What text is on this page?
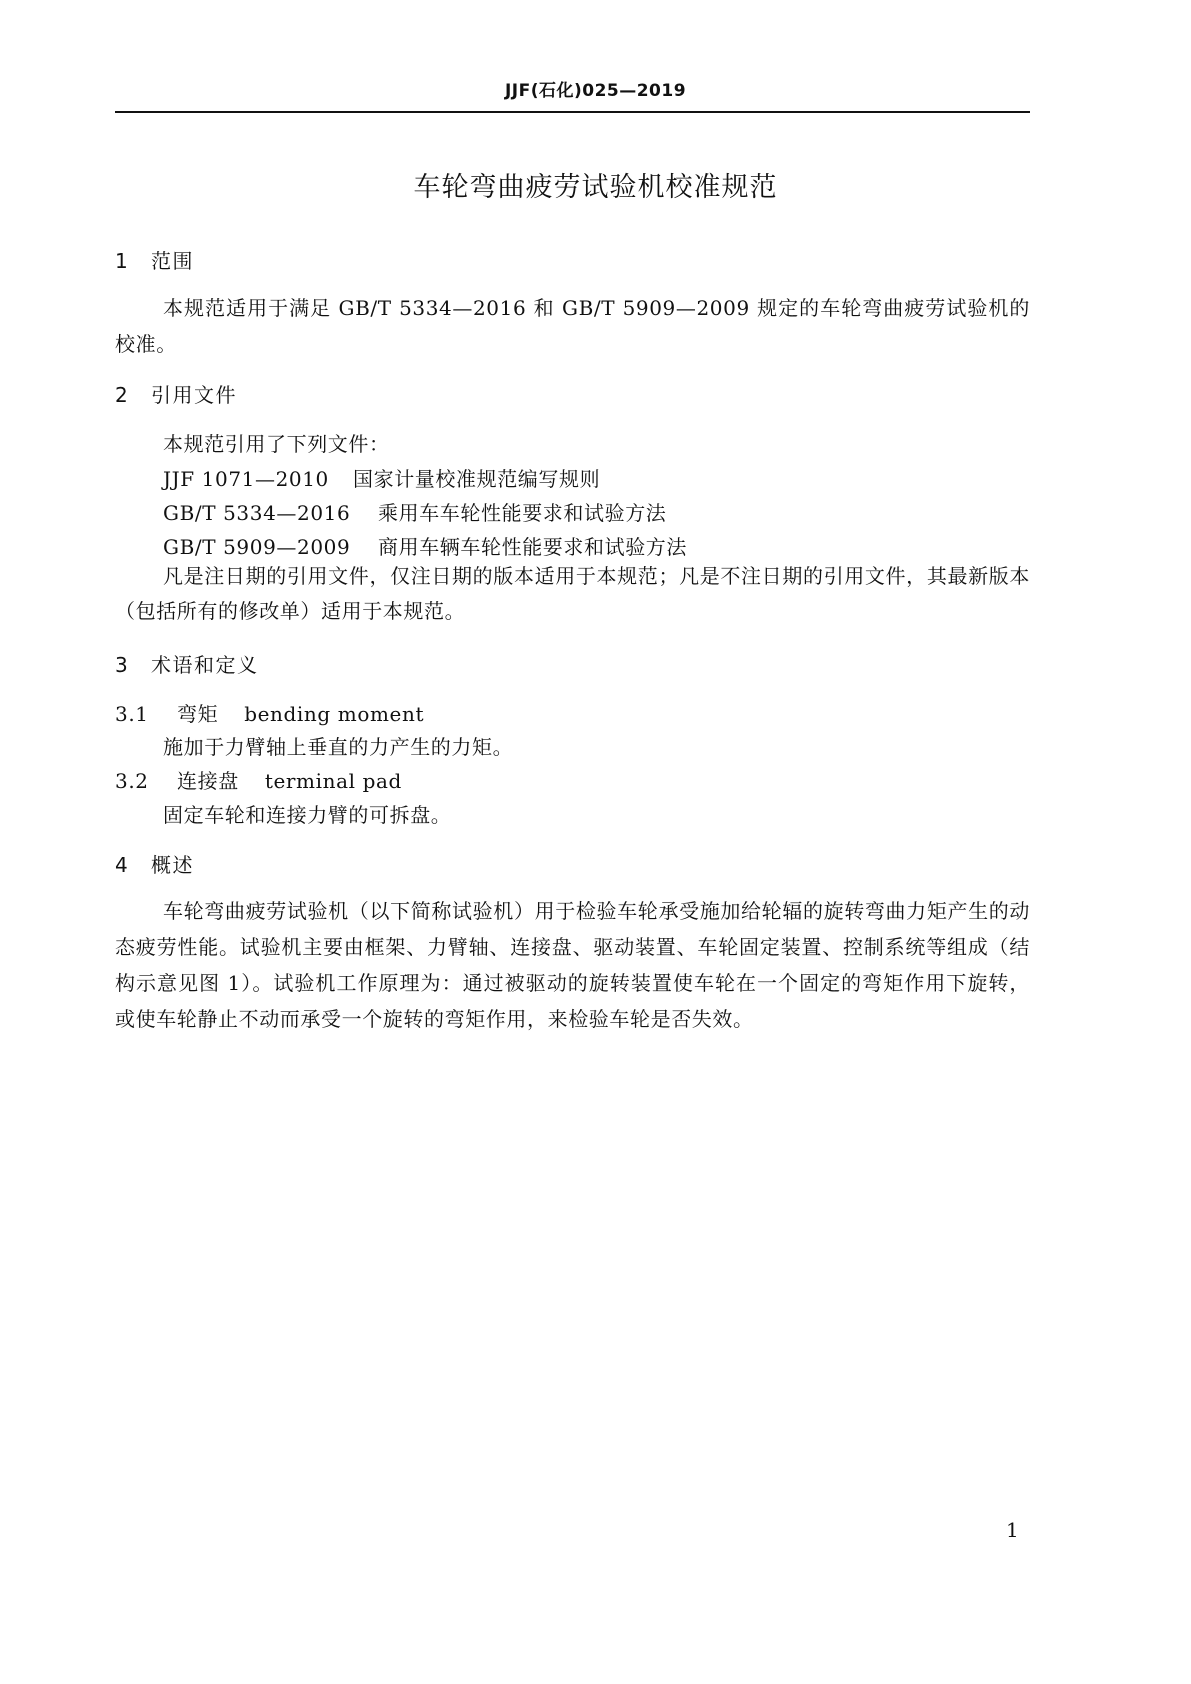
JJF(石化)025—2019
车轮弯曲疲劳试验机校准规范
1 范围
本规范适用于满足 GB/T 5334—2016 和 GB/T 5909—2009 规定的车轮弯曲疲劳试验机的校准。
2 引用文件
本规范引用了下列文件：
JJF 1071—2010 国家计量校准规范编写规则
GB/T 5334—2016 乘用车车轮性能要求和试验方法
GB/T 5909—2009 商用车辆车轮性能要求和试验方法
凡是注日期的引用文件，仅注日期的版本适用于本规范；凡是不注日期的引用文件，其最新版本（包括所有的修改单）适用于本规范。
3 术语和定义
3.1 弯矩 bending moment
施加于力臂轴上垂直的力产生的力矩。
3.2 连接盘 terminal pad
固定车轮和连接力臂的可拆盘。
4 概述
车轮弯曲疲劳试验机（以下简称试验机）用于检验车轮承受施加给轮辐的旋转弯曲力矩产生的动态疲劳性能。试验机主要由框架、力臂轴、连接盘、驱动装置、车轮固定装置、控制系统等组成（结构示意见图 1）。试验机工作原理为：通过被驱动的旋转装置使车轮在一个固定的弯矩作用下旋转，或使车轮静止不动而承受一个旋转的弯矩作用，来检验车轮是否失效。
1
